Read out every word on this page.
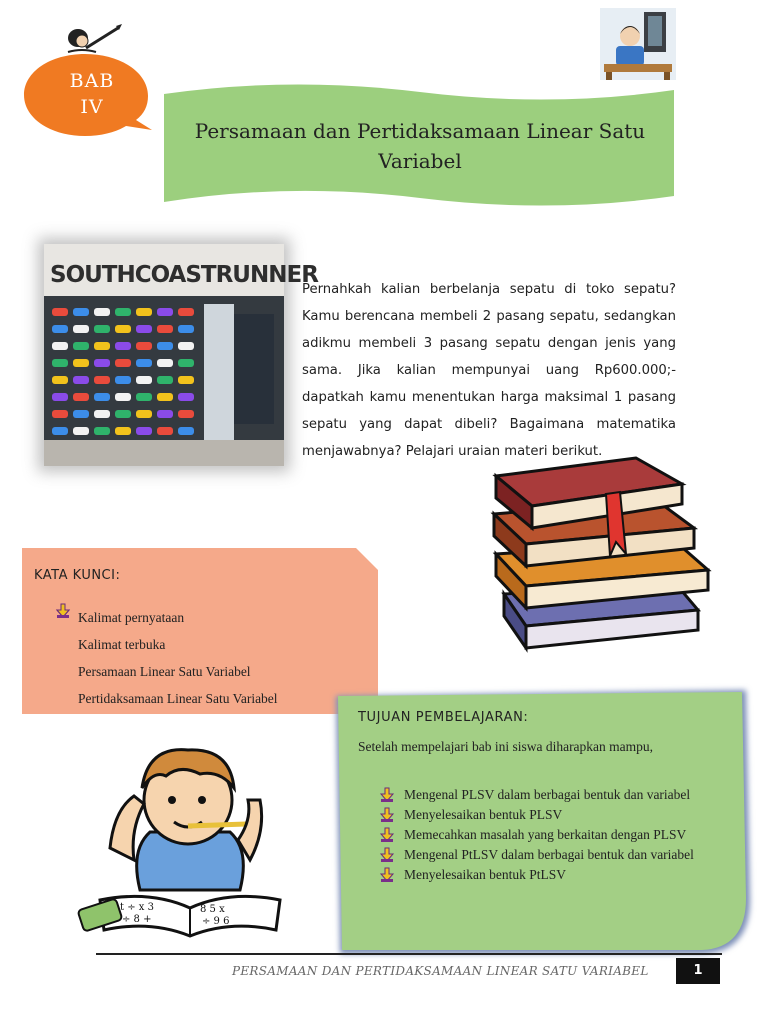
BAB
IV
Persamaan dan Pertidaksamaan Linear Satu Variabel
SOUTHCOASTRUNNER
Pernahkah kalian berbelanja sepatu di toko sepatu? Kamu berencana membeli 2 pasang sepatu, sedangkan adikmu membeli 3 pasang sepatu dengan jenis yang sama. Jika kalian mempunyai uang Rp600.000;- dapatkah kamu menentukan harga maksimal 1 pasang sepatu yang dapat dibeli? Bagaimana matematika menjawabnya? Pelajari uraian materi berikut.
KATA KUNCI:
Kalimat pernyataan
Kalimat terbuka
Persamaan Linear Satu Variabel
Pertidaksamaan Linear Satu Variabel
t ÷ x 3
÷ 8 +
8 5 x
÷ 9 6
TUJUAN PEMBELAJARAN:
Setelah mempelajari bab ini siswa diharapkan mampu,
Mengenal PLSV dalam berbagai bentuk dan variabel
Menyelesaikan bentuk PLSV
Memecahkan masalah yang berkaitan dengan PLSV
Mengenal PtLSV dalam berbagai bentuk dan variabel
Menyelesaikan bentuk PtLSV
PERSAMAAN DAN PERTIDAKSAMAAN LINEAR SATU VARIABEL	1
